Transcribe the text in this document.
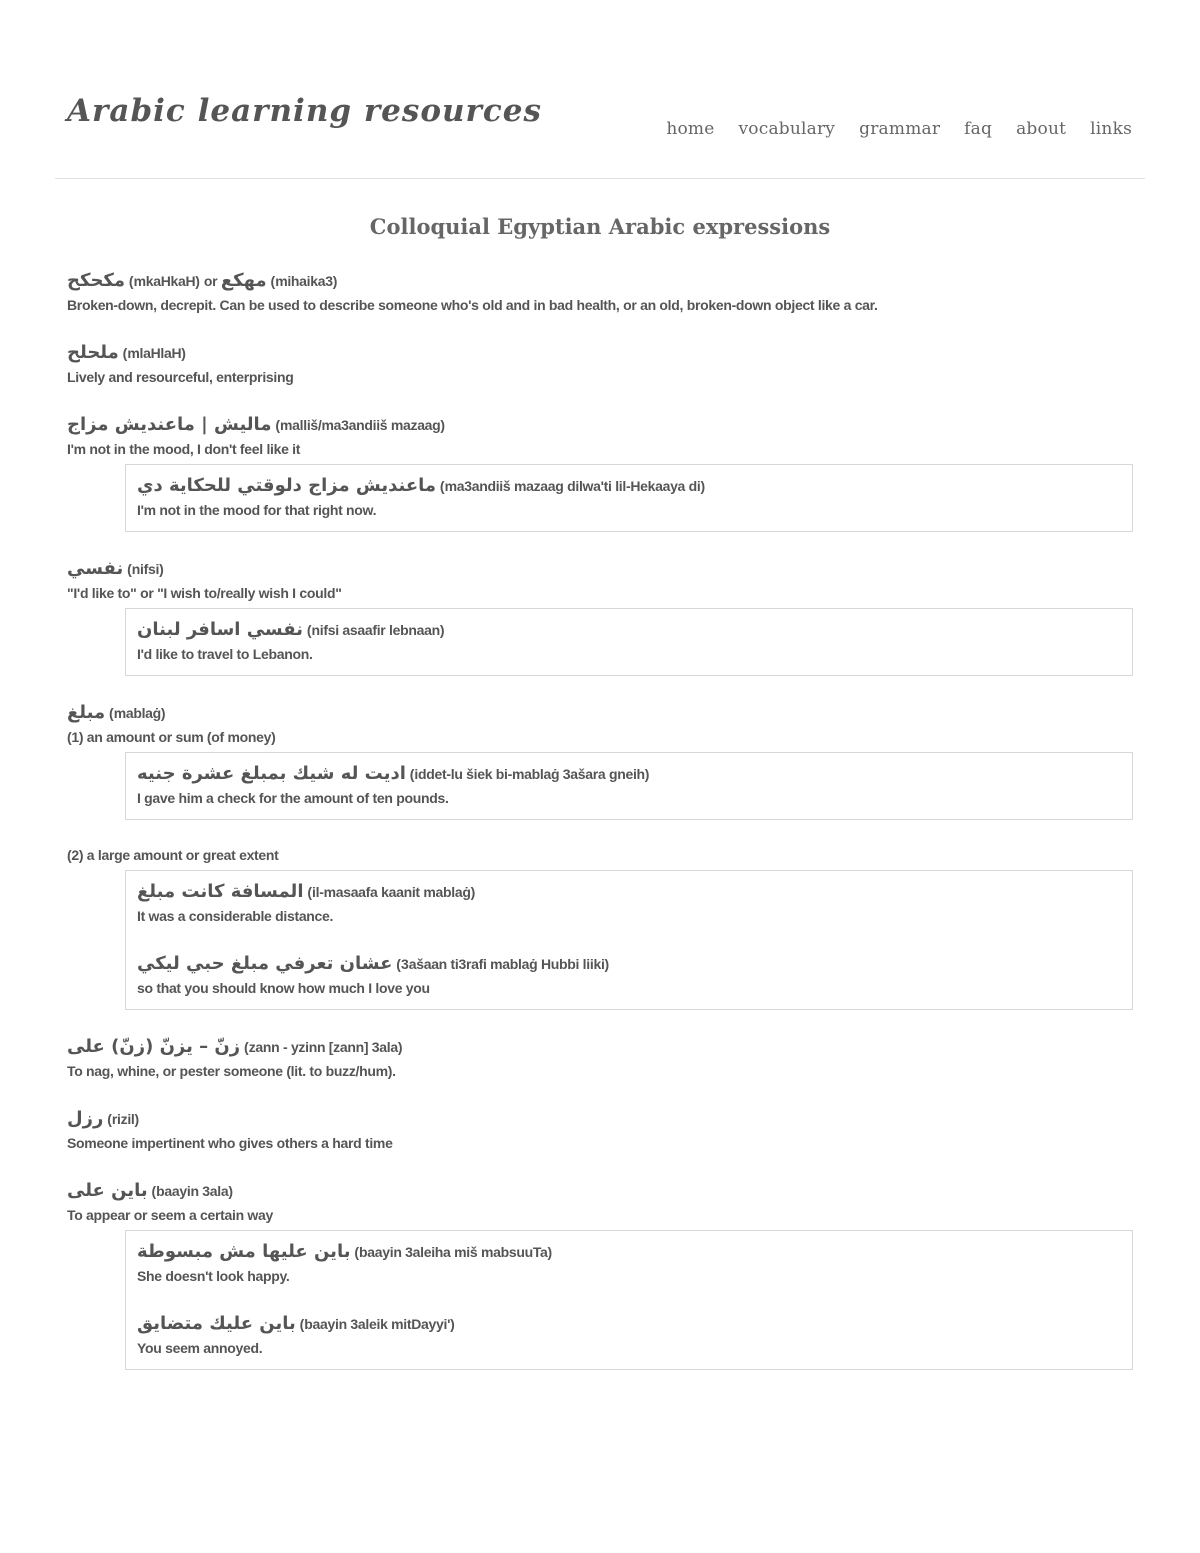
Arabic learning resources	home vocabulary grammar faq about links
Colloquial Egyptian Arabic expressions
مكحكح (mkaHkaH) or مهكع (mihaika3)
Broken-down, decrepit. Can be used to describe someone who's old and in bad health, or an old, broken-down object like a car.
ملحلح (mlaHlaH)
Lively and resourceful, enterprising
ماليش | ماعنديش مزاج (malliš/ma3andiiš mazaag)
I'm not in the mood, I don't feel like it
ماعنديش مزاج دلوقتي للحكاية دي (ma3andiiš mazaag dilwa'ti lil-Hekaaya di)
I'm not in the mood for that right now.
نفسي (nifsi)
"I'd like to" or "I wish to/really wish I could"
نفسي اسافر لبنان (nifsi asaafir lebnaan)
I'd like to travel to Lebanon.
مبلغ (mablaġ)
(1) an amount or sum (of money)
اديت له شيك بمبلغ عشرة جنيه (iddet-lu šiek bi-mablaġ 3ašara gneih)
I gave him a check for the amount of ten pounds.
(2) a large amount or great extent
المسافة كانت مبلغ (il-masaafa kaanit mablaġ)
It was a considerable distance.
عشان تعرفي مبلغ حبي ليكي (3ašaan ti3rafi mablaġ Hubbi liiki)
so that you should know how much I love you
زنّ – يزنّ (زنّ) على (zann - yzinn [zann] 3ala)
To nag, whine, or pester someone (lit. to buzz/hum).
رزل (rizil)
Someone impertinent who gives others a hard time
باين على (baayin 3ala)
To appear or seem a certain way
باين عليها مش مبسوطة (baayin 3aleiha miš mabsuuTa)
She doesn't look happy.
باين عليك متضايق (baayin 3aleik mitDayyi')
You seem annoyed.
